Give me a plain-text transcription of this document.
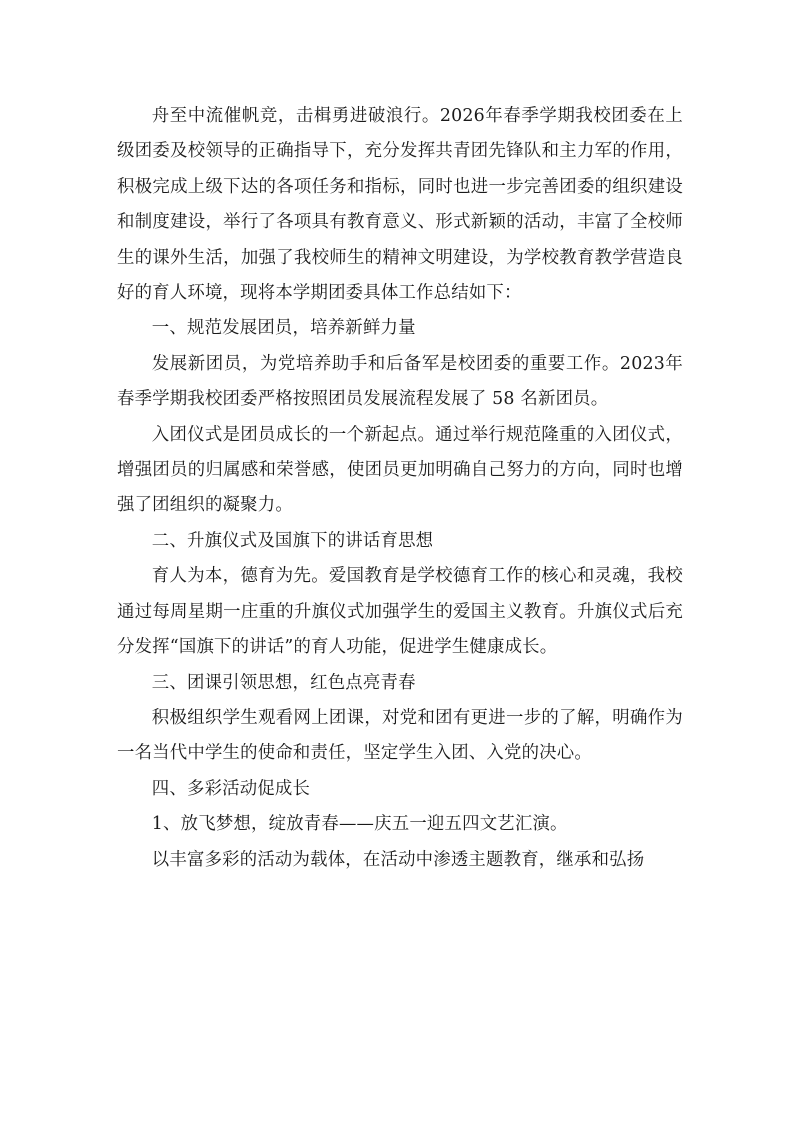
舟至中流催帆竞，击楫勇进破浪行。2026年春季学期我校团委在上级团委及校领导的正确指导下，充分发挥共青团先锋队和主力军的作用，积极完成上级下达的各项任务和指标，同时也进一步完善团委的组织建设和制度建设，举行了各项具有教育意义、形式新颖的活动，丰富了全校师生的课外生活，加强了我校师生的精神文明建设，为学校教育教学营造良好的育人环境，现将本学期团委具体工作总结如下：

一、规范发展团员，培养新鲜力量

发展新团员，为党培养助手和后备军是校团委的重要工作。2023年春季学期我校团委严格按照团员发展流程发展了 58 名新团员。

入团仪式是团员成长的一个新起点。通过举行规范隆重的入团仪式，增强团员的归属感和荣誉感，使团员更加明确自己努力的方向，同时也增强了团组织的凝聚力。

二、升旗仪式及国旗下的讲话育思想

育人为本，德育为先。爱国教育是学校德育工作的核心和灵魂，我校通过每周星期一庄重的升旗仪式加强学生的爱国主义教育。升旗仪式后充分发挥“国旗下的讲话”的育人功能，促进学生健康成长。

三、团课引领思想，红色点亮青春

积极组织学生观看网上团课，对党和团有更进一步的了解，明确作为一名当代中学生的使命和责任，坚定学生入团、入党的决心。

四、多彩活动促成长

1、放飞梦想，绽放青春——庆五一迎五四文艺汇演。

以丰富多彩的活动为载体，在活动中渗透主题教育，继承和弘扬
